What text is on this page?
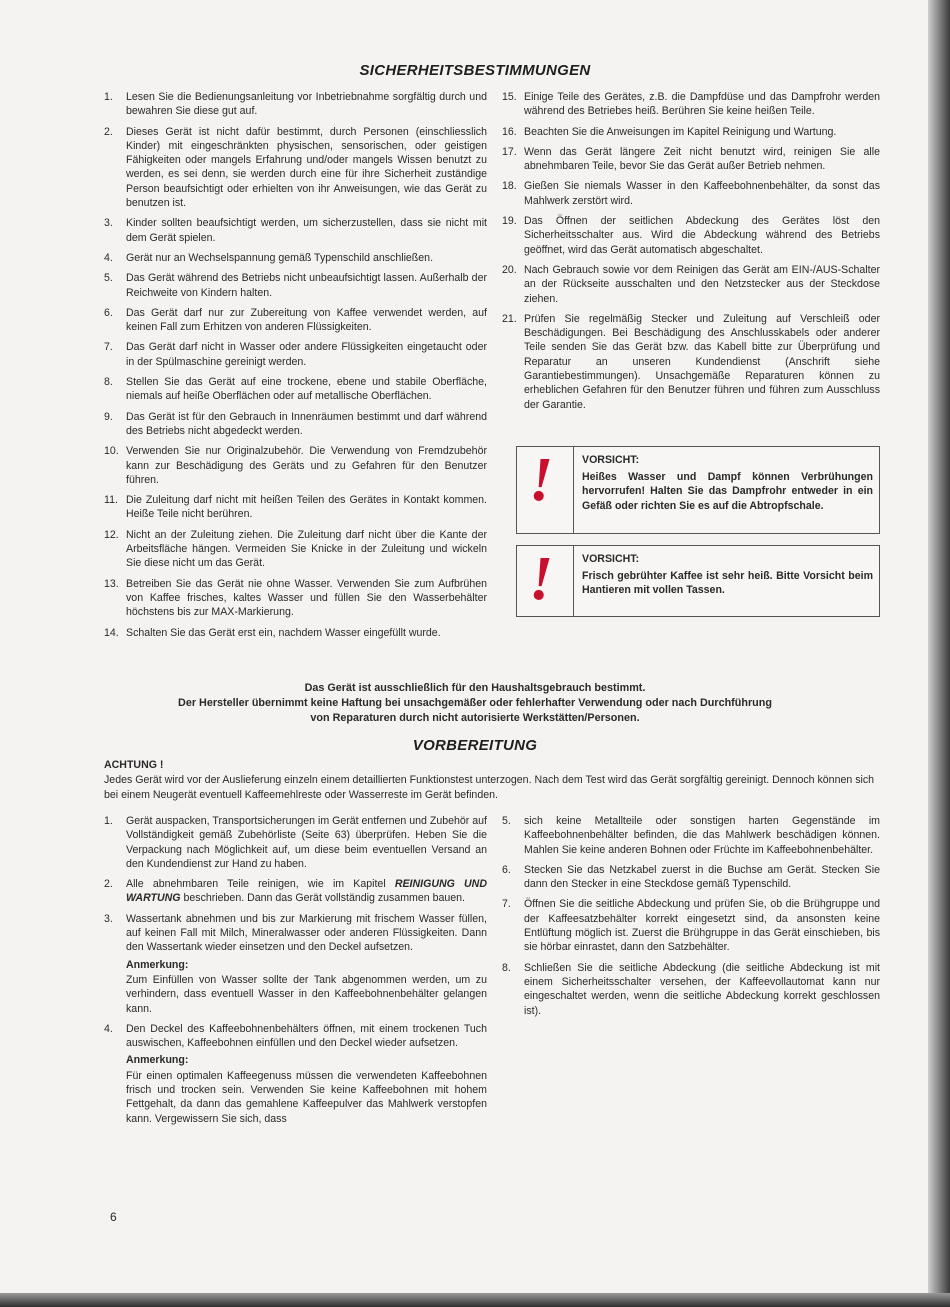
SICHERHEITSBESTIMMUNGEN
1.	Lesen Sie die Bedienungsanleitung vor Inbetriebnahme sorgfältig durch und bewahren Sie diese gut auf.
2.	Dieses Gerät ist nicht dafür bestimmt, durch Personen (einschliesslich Kinder) mit eingeschränkten physischen, sensorischen, oder geistigen Fähigkeiten oder mangels Erfahrung und/oder mangels Wissen benutzt zu werden, es sei denn, sie werden durch eine für ihre Sicherheit zuständige Person beaufsichtigt oder erhielten von ihr Anweisungen, wie das Gerät zu benutzen ist.
3.	Kinder sollten beaufsichtigt werden, um sicherzustellen, dass sie nicht mit dem Gerät spielen.
4.	Gerät nur an Wechselspannung gemäß Typenschild anschließen.
5.	Das Gerät während des Betriebs nicht unbeaufsichtigt lassen. Außerhalb der Reichweite von Kindern halten.
6.	Das Gerät darf nur zur Zubereitung von Kaffee verwendet werden, auf keinen Fall zum Erhitzen von anderen Flüssigkeiten.
7.	Das Gerät darf nicht in Wasser oder andere Flüssigkeiten eingetaucht oder in der Spülmaschine gereinigt werden.
8.	Stellen Sie das Gerät auf eine trockene, ebene und stabile Oberfläche, niemals auf heiße Oberflächen oder auf metallische Oberflächen.
9.	Das Gerät ist für den Gebrauch in Innenräumen bestimmt und darf während des Betriebs nicht abgedeckt werden.
10. Verwenden Sie nur Originalzubehör. Die Verwendung von Fremdzubehör kann zur Beschädigung des Geräts und zu Gefahren für den Benutzer führen.
11. Die Zuleitung darf nicht mit heißen Teilen des Gerätes in Kontakt kommen. Heiße Teile nicht berühren.
12. Nicht an der Zuleitung ziehen. Die Zuleitung darf nicht über die Kante der Arbeitsfläche hängen. Vermeiden Sie Knicke in der Zuleitung und wickeln Sie diese nicht um das Gerät.
13. Betreiben Sie das Gerät nie ohne Wasser. Verwenden Sie zum Aufbrühen von Kaffee frisches, kaltes Wasser und füllen Sie den Wasserbehälter höchstens bis zur MAX-Markierung.
14. Schalten Sie das Gerät erst ein, nachdem Wasser eingefüllt wurde.
15. Einige Teile des Gerätes, z.B. die Dampfdüse und das Dampfrohr werden während des Betriebes heiß. Berühren Sie keine heißen Teile.
16. Beachten Sie die Anweisungen im Kapitel Reinigung und Wartung.
17. Wenn das Gerät längere Zeit nicht benutzt wird, reinigen Sie alle abnehmbaren Teile, bevor Sie das Gerät außer Betrieb nehmen.
18. Gießen Sie niemals Wasser in den Kaffeebohnenbehälter, da sonst das Mahlwerk zerstört wird.
19. Das Öffnen der seitlichen Abdeckung des Gerätes löst den Sicherheitsschalter aus. Wird die Abdeckung während des Betriebs geöffnet, wird das Gerät automatisch abgeschaltet.
20. Nach Gebrauch sowie vor dem Reinigen das Gerät am EIN-/AUS-Schalter an der Rückseite ausschalten und den Netzstecker aus der Steckdose ziehen.
21. Prüfen Sie regelmäßig Stecker und Zuleitung auf Verschleiß oder Beschädigungen. Bei Beschädigung des Anschlusskabels oder anderer Teile senden Sie das Gerät bzw. das Kabell bitte zur Überprüfung und Reparatur an unseren Kundendienst (Anschrift siehe Garantiebestimmungen). Unsachgemäße Reparaturen können zu erheblichen Gefahren für den Benutzer führen und führen zum Ausschluss der Garantie.
!	VORSICHT:
Heißes Wasser und Dampf können Verbrühungen hervorrufen! Halten Sie das Dampfrohr entweder in ein Gefäß oder richten Sie es auf die Abtropfschale.
!	VORSICHT:
Frisch gebrühter Kaffee ist sehr heiß. Bitte Vorsicht beim Hantieren mit vollen Tassen.
Das Gerät ist ausschließlich für den Haushaltsgebrauch bestimmt.
Der Hersteller übernimmt keine Haftung bei unsachgemäßer oder fehlerhafter Verwendung oder nach Durchführung
von Reparaturen durch nicht autorisierte Werkstätten/Personen.
VORBEREITUNG
ACHTUNG !
Jedes Gerät wird vor der Auslieferung einzeln einem detaillierten Funktionstest unterzogen. Nach dem Test wird das Gerät sorgfältig gereinigt. Dennoch können sich bei einem Neugerät eventuell Kaffeemehlreste oder Wasserreste im Gerät befinden.
1.	Gerät auspacken, Transportsicherungen im Gerät entfernen und Zubehör auf Vollständigkeit gemäß Zubehörliste (Seite 63) überprüfen. Heben Sie die Verpackung nach Möglichkeit auf, um diese beim eventuellen Versand an den Kundendienst zur Hand zu haben.
2.	Alle abnehmbaren Teile reinigen, wie im Kapitel REINIGUNG UND WARTUNG beschrieben. Dann das Gerät vollständig zusammen bauen.
3.	Wassertank abnehmen und bis zur Markierung mit frischem Wasser füllen, auf keinen Fall mit Milch, Mineralwasser oder anderen Flüssigkeiten. Dann den Wassertank wieder einsetzen und den Deckel aufsetzen.
Anmerkung:
Zum Einfüllen von Wasser sollte der Tank abgenommen werden, um zu verhindern, dass eventuell Wasser in den Kaffeebohnenbehälter gelangen kann.
4.	Den Deckel des Kaffeebohnenbehälters öffnen, mit einem trockenen Tuch auswischen, Kaffeebohnen einfüllen und den Deckel wieder aufsetzen.
Anmerkung:
Für einen optimalen Kaffeegenuss müssen die verwendeten Kaffeebohnen frisch und trocken sein. Verwenden Sie keine Kaffeebohnen mit hohem Fettgehalt, da dann das gemahlene Kaffeepulver das Mahlwerk verstopfen kann. Vergewissern Sie sich, dass
5.	sich keine Metallteile oder sonstigen harten Gegenstände im Kaffeebohnenbehälter befinden, die das Mahlwerk beschädigen können. Mahlen Sie keine anderen Bohnen oder Früchte im Kaffeebohnenbehälter.
6.	Stecken Sie das Netzkabel zuerst in die Buchse am Gerät. Stecken Sie dann den Stecker in eine Steckdose gemäß Typenschild.
7.	Öffnen Sie die seitliche Abdeckung und prüfen Sie, ob die Brühgruppe und der Kaffeesatzbehälter korrekt eingesetzt sind, da ansonsten keine Entlüftung möglich ist. Zuerst die Brühgruppe in das Gerät einschieben, bis sie hörbar einrastet, dann den Satzbehälter.
8.	Schließen Sie die seitliche Abdeckung (die seitliche Abdeckung ist mit einem Sicherheitsschalter versehen, der Kaffeevollautomat kann nur eingeschaltet werden, wenn die seitliche Abdeckung korrekt geschlossen ist).
6
